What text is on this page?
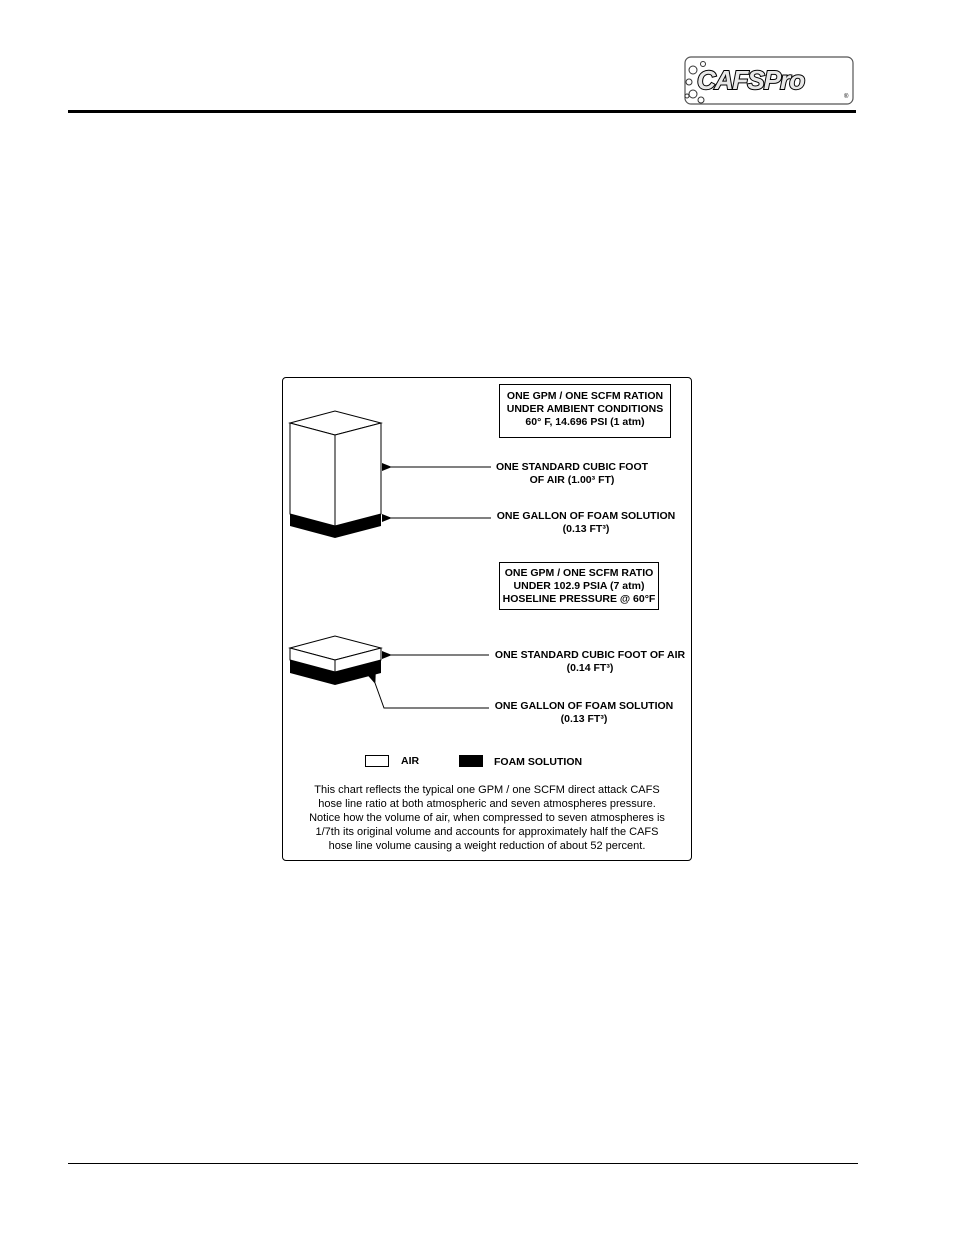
CAFSPro
®
ONE GPM / ONE SCFM RATION
UNDER AMBIENT CONDITIONS
60° F, 14.696 PSI (1 atm)
ONE STANDARD CUBIC FOOT
OF AIR (1.00³ FT)
ONE GALLON OF FOAM SOLUTION
(0.13 FT³)
ONE GPM / ONE SCFM RATIO
UNDER 102.9 PSIA (7 atm)
HOSELINE PRESSURE @ 60°F
ONE STANDARD CUBIC FOOT OF AIR
(0.14 FT³)
ONE GALLON OF FOAM SOLUTION
(0.13 FT³)
AIR	FOAM SOLUTION
This chart reflects the typical one GPM / one SCFM direct attack CAFS
hose line ratio at both atmospheric and seven atmospheres pressure.
Notice how the volume of air, when compressed to seven atmospheres is
1/7th its original volume and accounts for approximately half the CAFS
hose line volume causing a weight reduction of about 52 percent.
